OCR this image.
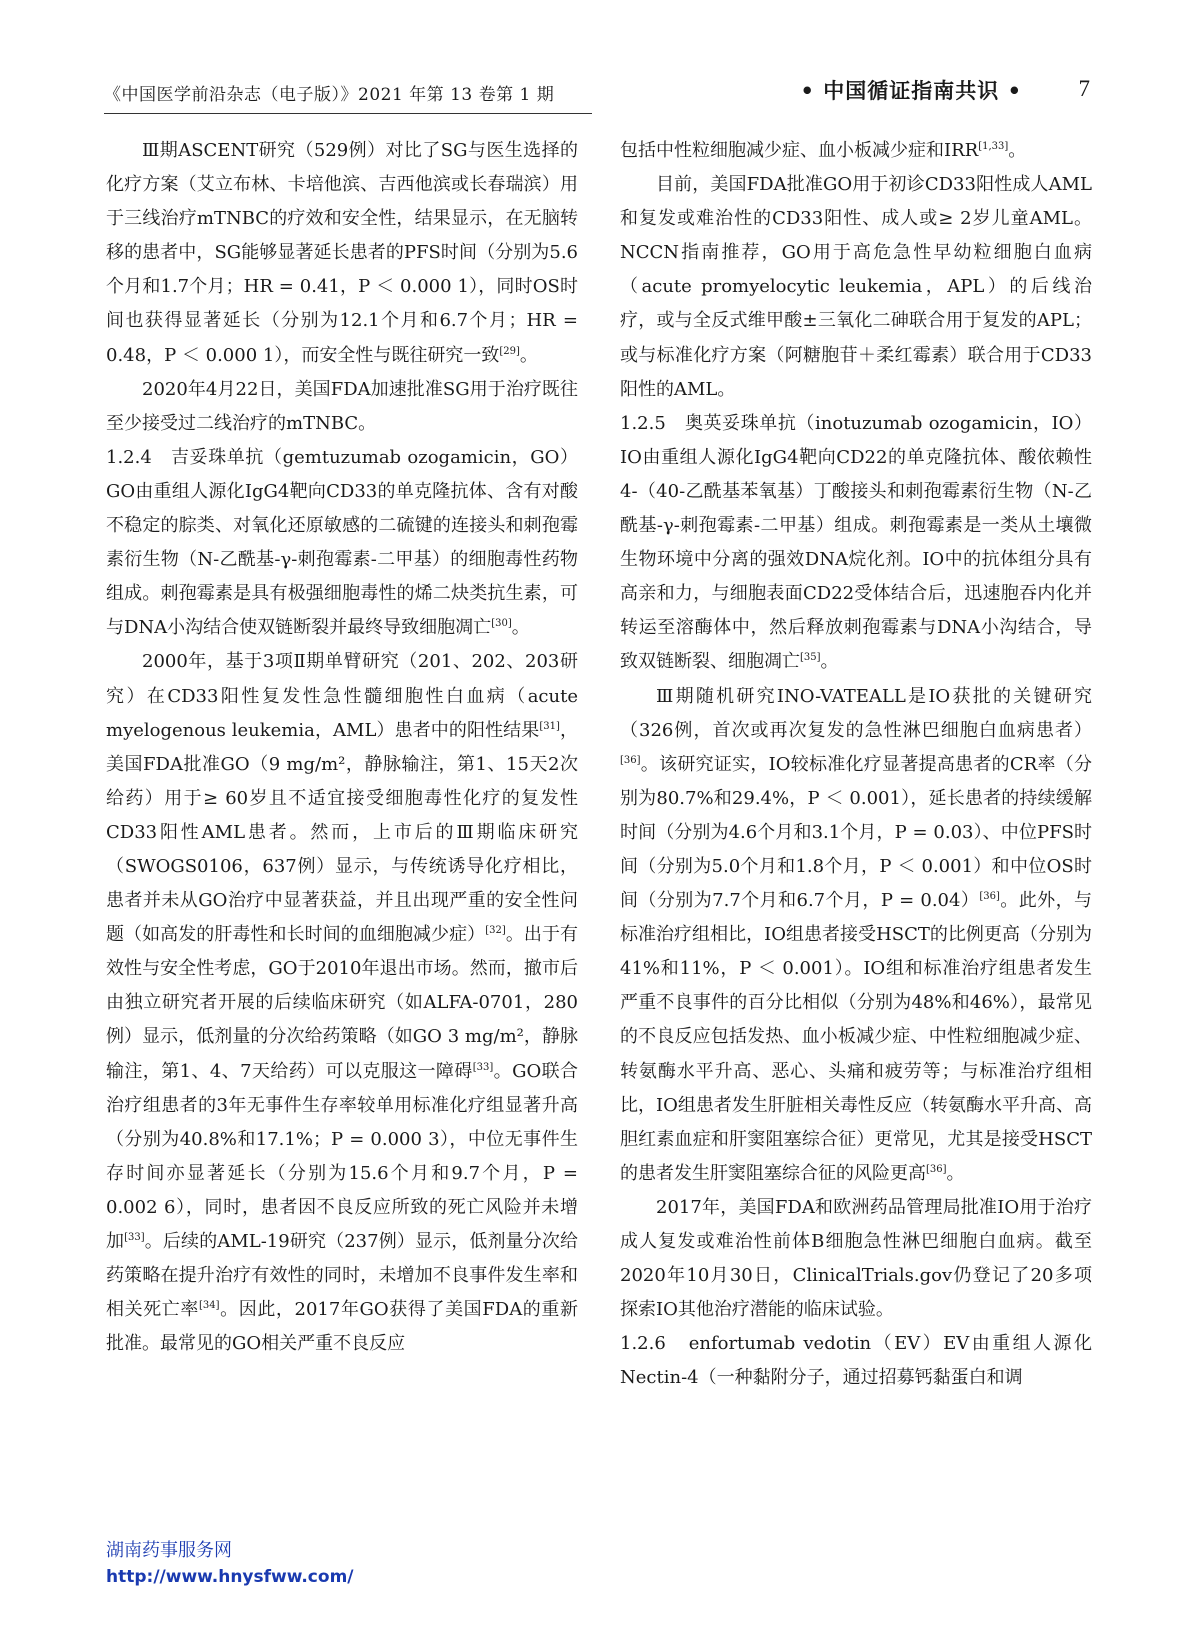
《中国医学前沿杂志（电子版）》2021 年第 13 卷第 1 期	• 中国循证指南共识 • 7

Ⅲ期ASCENT研究（529例）对比了SG与医生选择的化疗方案（艾立布林、卡培他滨、吉西他滨或长春瑞滨）用于三线治疗mTNBC的疗效和安全性，结果显示，在无脑转移的患者中，SG能够显著延长患者的PFS时间（分别为5.6个月和1.7个月；HR = 0.41，P ＜ 0.000 1），同时OS时间也获得显著延长（分别为12.1个月和6.7个月；HR = 0.48，P ＜ 0.000 1），而安全性与既往研究一致[29]。

2020年4月22日，美国FDA加速批准SG用于治疗既往至少接受过二线治疗的mTNBC。

1.2.4　吉妥珠单抗（gemtuzumab ozogamicin，GO）GO由重组人源化IgG4靶向CD33的单克隆抗体、含有对酸不稳定的腙类、对氧化还原敏感的二硫键的连接头和刺孢霉素衍生物（N-乙酰基-γ-刺孢霉素-二甲基）的细胞毒性药物组成。刺孢霉素是具有极强细胞毒性的烯二炔类抗生素，可与DNA小沟结合使双链断裂并最终导致细胞凋亡[30]。

2000年，基于3项Ⅱ期单臂研究（201、202、203研究）在CD33阳性复发性急性髓细胞性白血病（acute myelogenous leukemia，AML）患者中的阳性结果[31]，美国FDA批准GO（9 mg/m²，静脉输注，第1、15天2次给药）用于≥ 60岁且不适宜接受细胞毒性化疗的复发性CD33阳性AML患者。然而，上市后的Ⅲ期临床研究（SWOGS0106，637例）显示，与传统诱导化疗相比，患者并未从GO治疗中显著获益，并且出现严重的安全性问题（如高发的肝毒性和长时间的血细胞减少症）[32]。出于有效性与安全性考虑，GO于2010年退出市场。然而，撤市后由独立研究者开展的后续临床研究（如ALFA-0701，280例）显示，低剂量的分次给药策略（如GO 3 mg/m²，静脉输注，第1、4、7天给药）可以克服这一障碍[33]。GO联合治疗组患者的3年无事件生存率较单用标准化疗组显著升高（分别为40.8%和17.1%；P = 0.000 3），中位无事件生存时间亦显著延长（分别为15.6个月和9.7个月，P = 0.002 6），同时，患者因不良反应所致的死亡风险并未增加[33]。后续的AML-19研究（237例）显示，低剂量分次给药策略在提升治疗有效性的同时，未增加不良事件发生率和相关死亡率[34]。因此，2017年GO获得了美国FDA的重新批准。最常见的GO相关严重不良反应

包括中性粒细胞减少症、血小板减少症和IRR[1,33]。

目前，美国FDA批准GO用于初诊CD33阳性成人AML和复发或难治性的CD33阳性、成人或≥ 2岁儿童AML。NCCN指南推荐，GO用于高危急性早幼粒细胞白血病（acute promyelocytic leukemia，APL）的后线治疗，或与全反式维甲酸±三氧化二砷联合用于复发的APL；或与标准化疗方案（阿糖胞苷＋柔红霉素）联合用于CD33阳性的AML。

1.2.5　奥英妥珠单抗（inotuzumab ozogamicin，IO）IO由重组人源化IgG4靶向CD22的单克隆抗体、酸依赖性4-（40-乙酰基苯氧基）丁酸接头和刺孢霉素衍生物（N-乙酰基-γ-刺孢霉素-二甲基）组成。刺孢霉素是一类从土壤微生物环境中分离的强效DNA烷化剂。IO中的抗体组分具有高亲和力，与细胞表面CD22受体结合后，迅速胞吞内化并转运至溶酶体中，然后释放刺孢霉素与DNA小沟结合，导致双链断裂、细胞凋亡[35]。

Ⅲ期随机研究INO-VATEALL是IO获批的关键研究（326例，首次或再次复发的急性淋巴细胞白血病患者）[36]。该研究证实，IO较标准化疗显著提高患者的CR率（分别为80.7%和29.4%，P ＜ 0.001），延长患者的持续缓解时间（分别为4.6个月和3.1个月，P = 0.03）、中位PFS时间（分别为5.0个月和1.8个月，P ＜ 0.001）和中位OS时间（分别为7.7个月和6.7个月，P = 0.04）[36]。此外，与标准治疗组相比，IO组患者接受HSCT的比例更高（分别为41%和11%，P ＜ 0.001）。IO组和标准治疗组患者发生严重不良事件的百分比相似（分别为48%和46%），最常见的不良反应包括发热、血小板减少症、中性粒细胞减少症、转氨酶水平升高、恶心、头痛和疲劳等；与标准治疗组相比，IO组患者发生肝脏相关毒性反应（转氨酶水平升高、高胆红素血症和肝窦阻塞综合征）更常见，尤其是接受HSCT的患者发生肝窦阻塞综合征的风险更高[36]。

2017年，美国FDA和欧洲药品管理局批准IO用于治疗成人复发或难治性前体B细胞急性淋巴细胞白血病。截至2020年10月30日，ClinicalTrials.gov仍登记了20多项探索IO其他治疗潜能的临床试验。

1.2.6　enfortumab vedotin（EV）EV由重组人源化Nectin-4（一种黏附分子，通过招募钙黏蛋白和调

湖南药事服务网
http://www.hnysfww.com/
